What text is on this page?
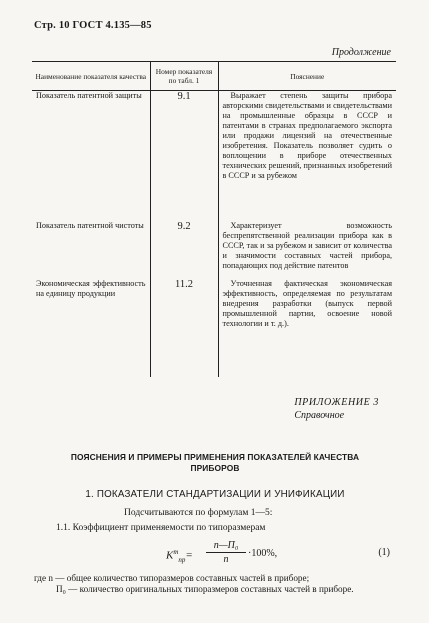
Стр. 10 ГОСТ 4.135—85
Продолжение
Наименование показателя качества	Номер показателя по табл. 1	Пояснение
Показатель патентной защиты	9.1	Выражает степень защиты прибора авторскими свидетельствами и свидетельствами на промышленные образцы в СССР и патентами в странах предполагаемого экспорта или продажи лицензий на отечественные изобретения. Показатель позволяет судить о воплощении в приборе отечественных технических решений, признанных изобретений в СССР и за рубежом
Показатель патентной чистоты	9.2	Характеризует возможность беспрепятственной реализации прибора как в СССР, так и за рубежом и зависит от количества и значимости составных частей прибора, попадающих под действие патентов
Экономическая эффективность на единицу продукции	11.2	Уточненная фактическая экономическая эффективность, определяемая по результатам внедрения разработки (выпуск первой промышленной партии, освоение новой технологии и т. д.).
ПРИЛОЖЕНИЕ 3
Справочное
ПОЯСНЕНИЯ И ПРИМЕРЫ ПРИМЕНЕНИЯ ПОКАЗАТЕЛЕЙ КАЧЕСТВА ПРИБОРОВ
1. ПОКАЗАТЕЛИ СТАНДАРТИЗАЦИИ И УНИФИКАЦИИ
Подсчитываются по формулам 1—5:
1.1. Коэффициент применяемости по типоразмерам
$K^т_{пр}=$
n—П₀
n
·100%,	(1)
где n — общее количество типоразмеров составных частей в приборе;
П₀ — количество оригинальных типоразмеров составных частей в приборе.
